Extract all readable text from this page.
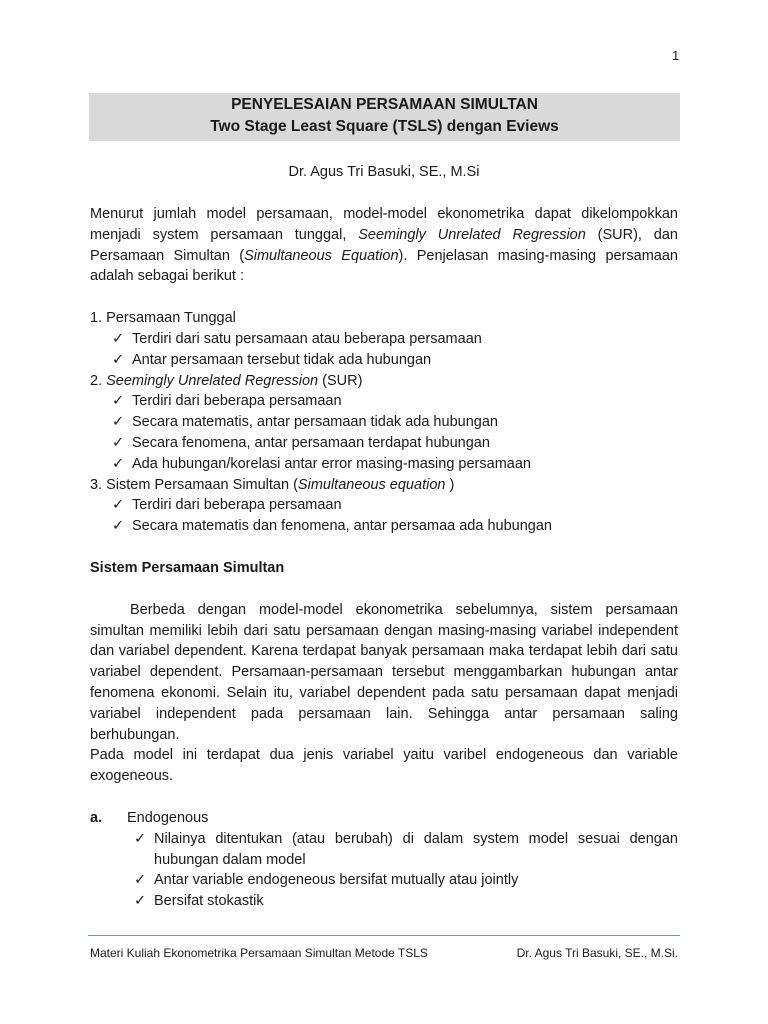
1
PENYELESAIAN PERSAMAAN SIMULTAN
Two Stage Least Square (TSLS) dengan Eviews
Dr. Agus Tri Basuki, SE., M.Si

Menurut jumlah model persamaan, model-model ekonometrika dapat dikelompokkan menjadi system persamaan tunggal, Seemingly Unrelated Regression (SUR), dan Persamaan Simultan (Simultaneous Equation). Penjelasan masing-masing persamaan adalah sebagai berikut :

1. Persamaan Tunggal

✓ Terdiri dari satu persamaan atau beberapa persamaan
✓ Antar persamaan tersebut tidak ada hubungan

2. Seemingly Unrelated Regression (SUR)

✓ Terdiri dari beberapa persamaan
✓ Secara matematis, antar persamaan tidak ada hubungan
✓ Secara fenomena, antar persamaan terdapat hubungan
✓ Ada hubungan/korelasi antar error masing-masing persamaan

3. Sistem Persamaan Simultan (Simultaneous equation )

✓ Terdiri dari beberapa persamaan
✓ Secara matematis dan fenomena, antar persamaa ada hubungan

Sistem Persamaan Simultan

Berbeda dengan model-model ekonometrika sebelumnya, sistem persamaan simultan memiliki lebih dari satu persamaan dengan masing-masing variabel independent dan variabel dependent. Karena terdapat banyak persamaan maka terdapat lebih dari satu variabel dependent. Persamaan-persamaan tersebut menggambarkan hubungan antar fenomena ekonomi. Selain itu, variabel dependent pada satu persamaan dapat menjadi variabel independent pada persamaan lain. Sehingga antar persamaan saling berhubungan.

Pada model ini terdapat dua jenis variabel yaitu varibel endogeneous dan variable exogeneous.

a.	Endogenous
✓ Nilainya ditentukan (atau berubah) di dalam system model sesuai dengan hubungan dalam model
✓ Antar variable endogeneous bersifat mutually atau jointly
✓ Bersifat stokastik
Materi Kuliah Ekonometrika Persamaan Simultan Metode TSLS	Dr. Agus Tri Basuki, SE., M.Si.
